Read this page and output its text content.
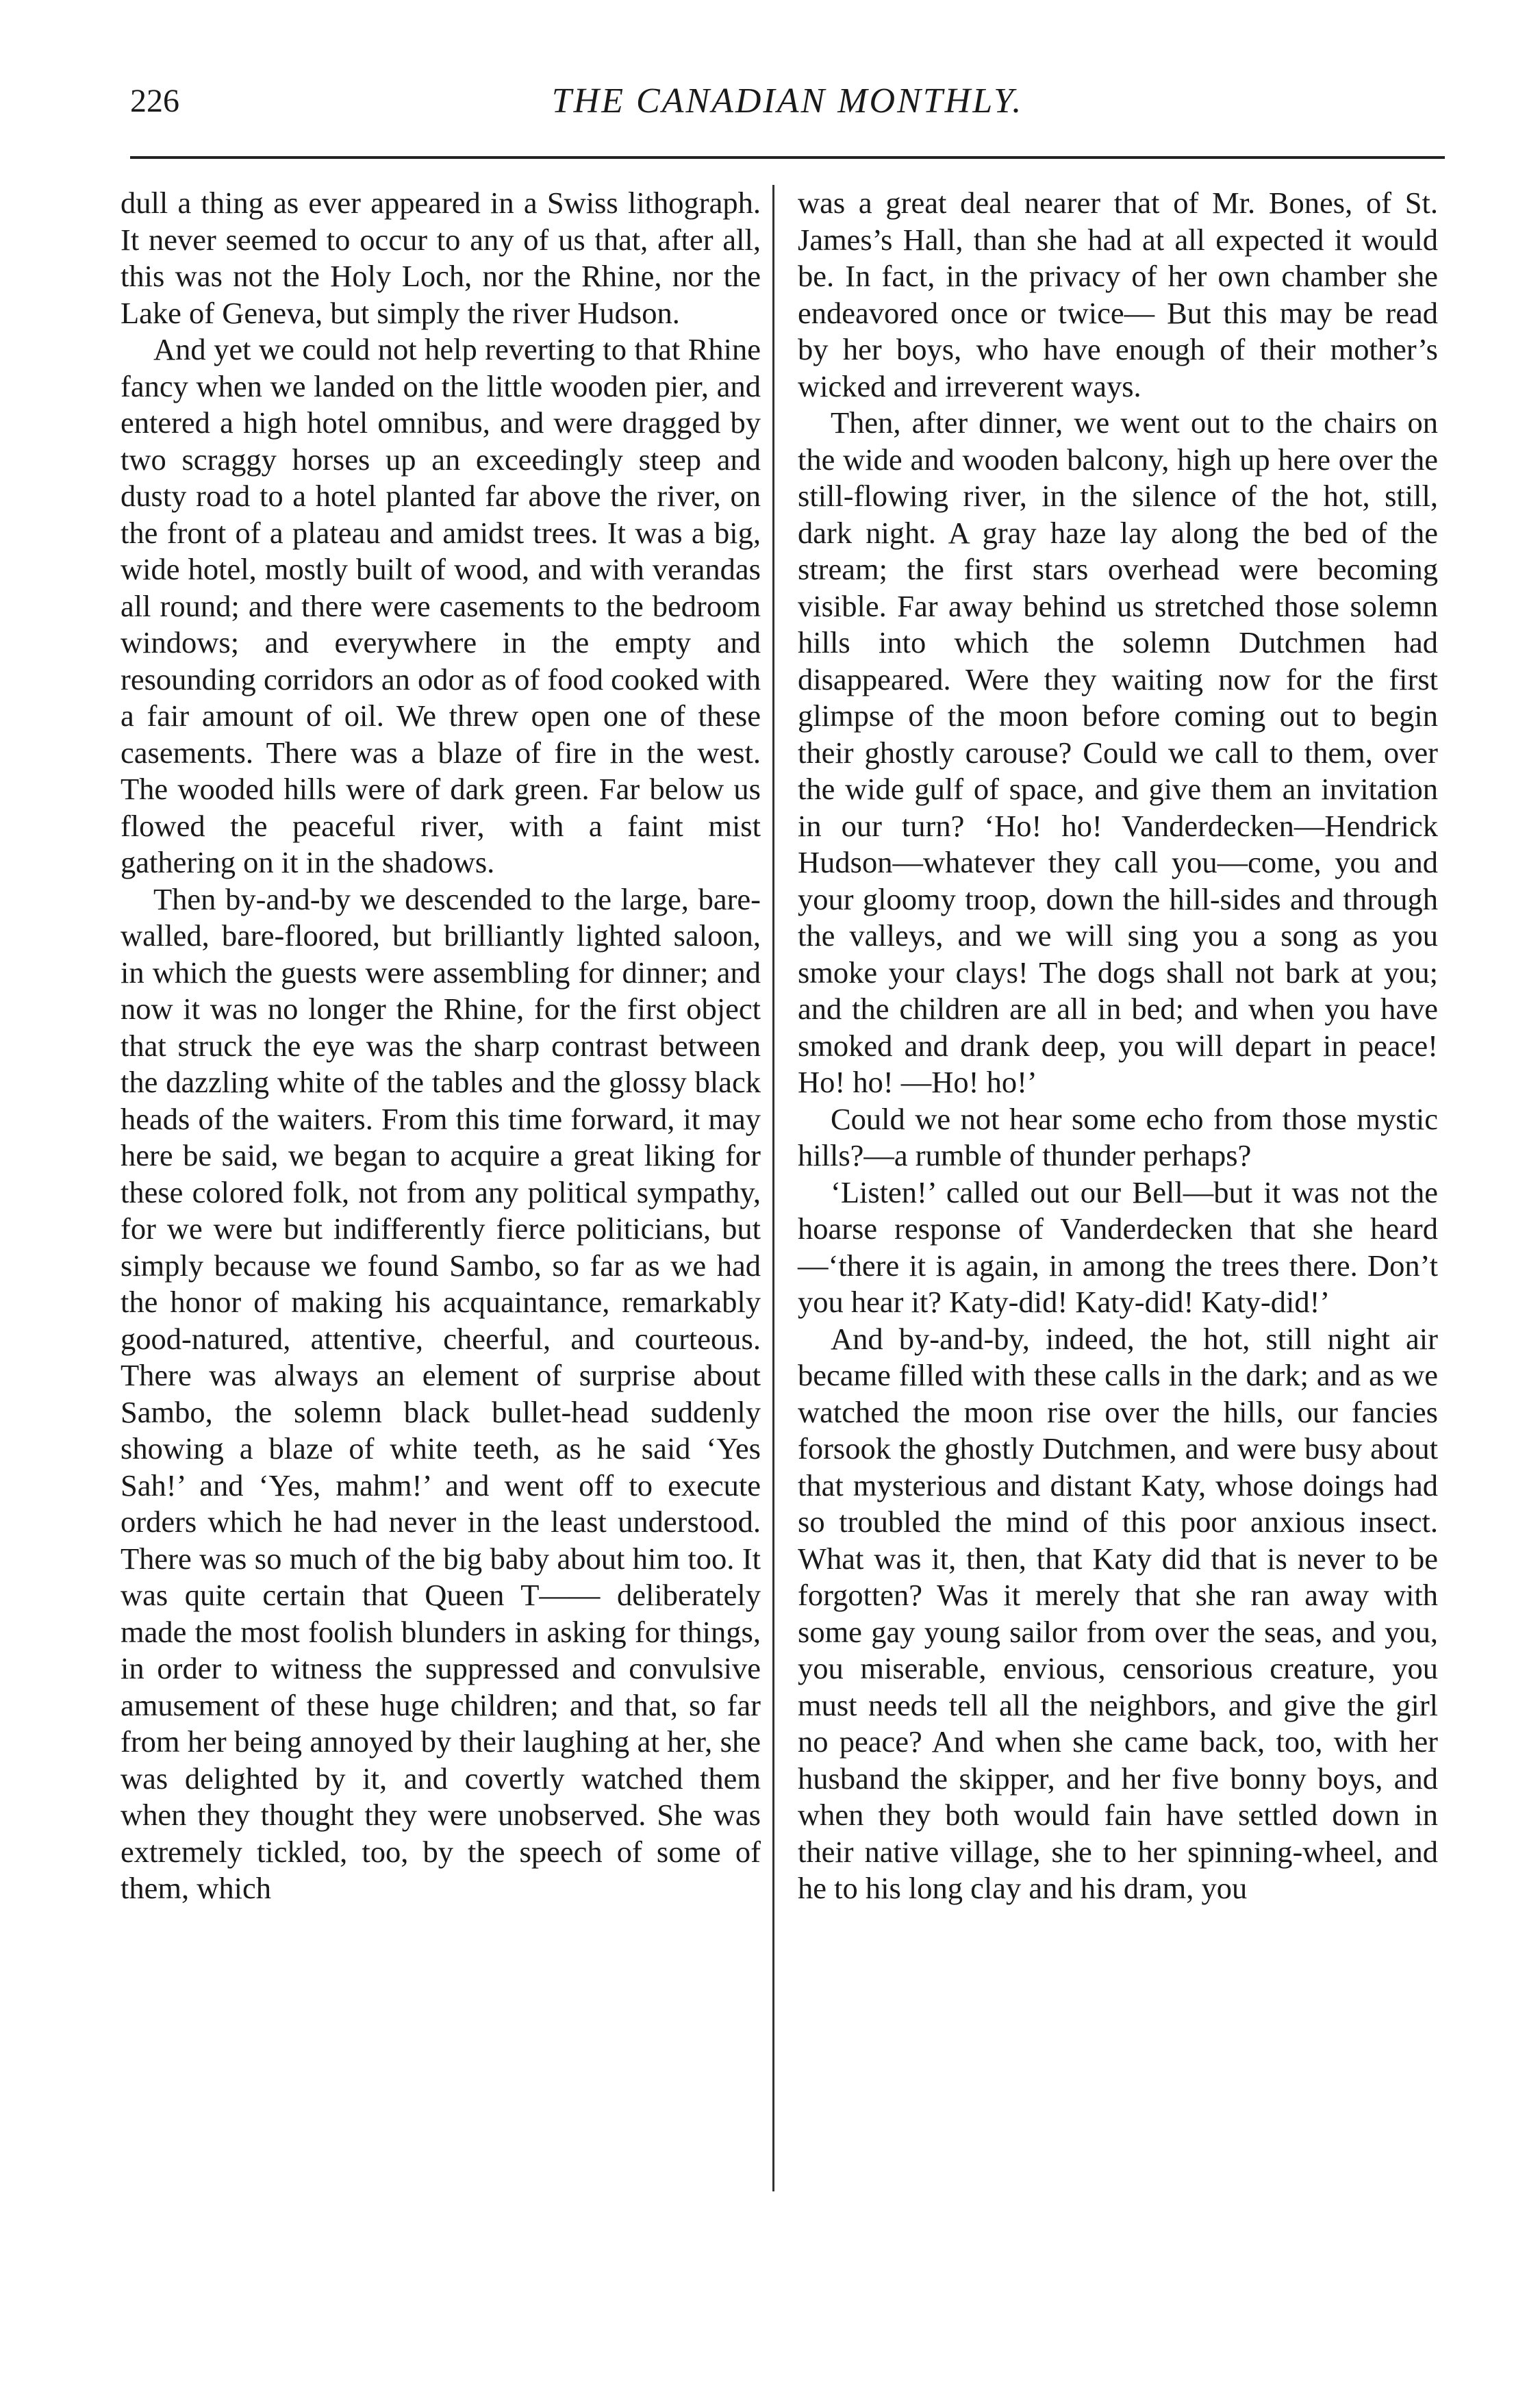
226	THE CANADIAN MONTHLY.

dull a thing as ever appeared in a Swiss lithograph. It never seemed to occur to any of us that, after all, this was not the Holy Loch, nor the Rhine, nor the Lake of Geneva, but simply the river Hudson.

And yet we could not help reverting to that Rhine fancy when we landed on the little wooden pier, and entered a high hotel omnibus, and were dragged by two scraggy horses up an exceedingly steep and dusty road to a hotel planted far above the river, on the front of a plateau and amidst trees. It was a big, wide hotel, mostly built of wood, and with verandas all round; and there were casements to the bedroom windows; and everywhere in the empty and resounding corridors an odor as of food cooked with a fair amount of oil. We threw open one of these casements. There was a blaze of fire in the west. The wooded hills were of dark green. Far below us flowed the peaceful river, with a faint mist gathering on it in the shadows.

Then by-and-by we descended to the large, bare-walled, bare-floored, but brilliantly lighted saloon, in which the guests were assembling for dinner; and now it was no longer the Rhine, for the first object that struck the eye was the sharp contrast between the dazzling white of the tables and the glossy black heads of the waiters. From this time forward, it may here be said, we began to acquire a great liking for these colored folk, not from any political sympathy, for we were but indifferently fierce politicians, but simply because we found Sambo, so far as we had the honor of making his acquaintance, remarkably good-natured, attentive, cheerful, and courteous. There was always an element of surprise about Sambo, the solemn black bullet-head suddenly showing a blaze of white teeth, as he said ‘Yes Sah!’ and ‘Yes, mahm!’ and went off to execute orders which he had never in the least understood. There was so much of the big baby about him too. It was quite certain that Queen T—— deliberately made the most foolish blunders in asking for things, in order to witness the suppressed and convulsive amusement of these huge children; and that, so far from her being annoyed by their laughing at her, she was delighted by it, and covertly watched them when they thought they were unobserved. She was extremely tickled, too, by the speech of some of them, which

was a great deal nearer that of Mr. Bones, of St. James’s Hall, than she had at all expected it would be. In fact, in the privacy of her own chamber she endeavored once or twice— But this may be read by her boys, who have enough of their mother’s wicked and irreverent ways.

Then, after dinner, we went out to the chairs on the wide and wooden balcony, high up here over the still-flowing river, in the silence of the hot, still, dark night. A gray haze lay along the bed of the stream; the first stars overhead were becoming visible. Far away behind us stretched those solemn hills into which the solemn Dutchmen had disappeared. Were they waiting now for the first glimpse of the moon before coming out to begin their ghostly carouse? Could we call to them, over the wide gulf of space, and give them an invitation in our turn? ‘Ho! ho! Vanderdecken—Hendrick Hudson—whatever they call you—come, you and your gloomy troop, down the hill-sides and through the valleys, and we will sing you a song as you smoke your clays! The dogs shall not bark at you; and the children are all in bed; and when you have smoked and drank deep, you will depart in peace! Ho! ho! —Ho! ho!’

Could we not hear some echo from those mystic hills?—a rumble of thunder perhaps?

‘Listen!’ called out our Bell—but it was not the hoarse response of Vanderdecken that she heard—‘there it is again, in among the trees there. Don’t you hear it? Katy-did! Katy-did! Katy-did!’

And by-and-by, indeed, the hot, still night air became filled with these calls in the dark; and as we watched the moon rise over the hills, our fancies forsook the ghostly Dutchmen, and were busy about that mysterious and distant Katy, whose doings had so troubled the mind of this poor anxious insect. What was it, then, that Katy did that is never to be forgotten? Was it merely that she ran away with some gay young sailor from over the seas, and you, you miserable, envious, censorious creature, you must needs tell all the neighbors, and give the girl no peace? And when she came back, too, with her husband the skipper, and her five bonny boys, and when they both would fain have settled down in their native village, she to her spinning-wheel, and he to his long clay and his dram, you
